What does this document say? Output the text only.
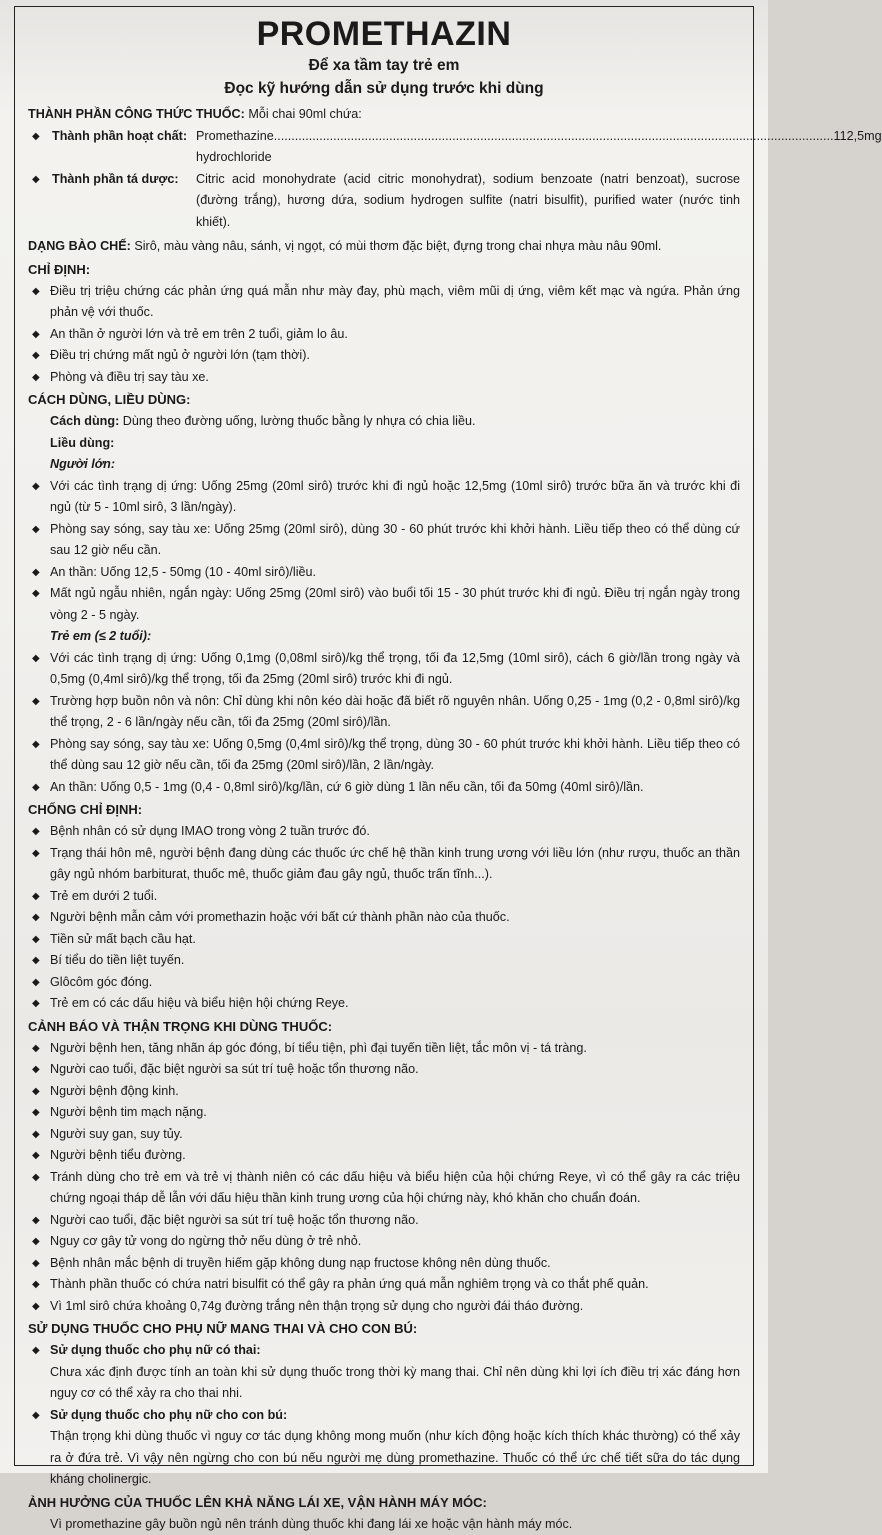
PROMETHAZIN
Để xa tầm tay trẻ em
Đọc kỹ hướng dẫn sử dụng trước khi dùng
THÀNH PHẦN CÔNG THỨC THUỐC: Mỗi chai 90ml chứa:
◆ Thành phần hoạt chất: Promethazine hydrochloride
.....
112,5mg
◆ Thành phần tá dược:	Citric acid monohydrate (acid citric monohydrat), sodium benzoate (natri benzoat), sucrose (đường trắng), hương dứa, sodium hydrogen sulfite (natri bisulfit), purified water (nước tinh khiết).
DẠNG BÀO CHẾ: Sirô, màu vàng nâu, sánh, vị ngọt, có mùi thơm đặc biệt, đựng trong chai nhựa màu nâu 90ml.
CHỈ ĐỊNH:
◆ Điều trị triệu chứng các phản ứng quá mẫn như mày đay, phù mạch, viêm mũi dị ứng, viêm kết mạc và ngứa. Phản ứng phản vệ với thuốc.
◆ An thần ở người lớn và trẻ em trên 2 tuổi, giảm lo âu.
◆ Điều trị chứng mất ngủ ở người lớn (tạm thời).
◆ Phòng và điều trị say tàu xe.
CÁCH DÙNG, LIỀU DÙNG:
Cách dùng: Dùng theo đường uống, lường thuốc bằng ly nhựa có chia liều.
Liều dùng:
Người lớn:
◆ Với các tình trạng dị ứng: Uống 25mg (20ml sirô) trước khi đi ngủ hoặc 12,5mg (10ml sirô) trước bữa ăn và trước khi đi ngủ (từ 5 - 10ml sirô, 3 lần/ngày).
◆ Phòng say sóng, say tàu xe: Uống 25mg (20ml sirô), dùng 30 - 60 phút trước khi khởi hành. Liều tiếp theo có thể dùng cứ sau 12 giờ nếu cần.
◆ An thần: Uống 12,5 - 50mg (10 - 40ml sirô)/liều.
◆ Mất ngủ ngẫu nhiên, ngắn ngày: Uống 25mg (20ml sirô) vào buổi tối 15 - 30 phút trước khi đi ngủ. Điều trị ngắn ngày trong vòng 2 - 5 ngày.
Trẻ em (≤ 2 tuổi):
◆ Với các tình trạng dị ứng: Uống 0,1mg (0,08ml sirô)/kg thể trọng, tối đa 12,5mg (10ml sirô), cách 6 giờ/lần trong ngày và 0,5mg (0,4ml sirô)/kg thể trọng, tối đa 25mg (20ml sirô) trước khi đi ngủ.
◆ Trường hợp buồn nôn và nôn: Chỉ dùng khi nôn kéo dài hoặc đã biết rõ nguyên nhân. Uống 0,25 - 1mg (0,2 - 0,8ml sirô)/kg thể trọng, 2 - 6 lần/ngày nếu cần, tối đa 25mg (20ml sirô)/lần.
◆ Phòng say sóng, say tàu xe: Uống 0,5mg (0,4ml sirô)/kg thể trọng, dùng 30 - 60 phút trước khi khởi hành. Liều tiếp theo có thể dùng sau 12 giờ nếu cần, tối đa 25mg (20ml sirô)/lần, 2 lần/ngày.
◆ An thần: Uống 0,5 - 1mg (0,4 - 0,8ml sirô)/kg/lần, cứ 6 giờ dùng 1 lần nếu cần, tối đa 50mg (40ml sirô)/lần.
CHỐNG CHỈ ĐỊNH:
◆ Bệnh nhân có sử dụng IMAO trong vòng 2 tuần trước đó.
◆ Trạng thái hôn mê, người bệnh đang dùng các thuốc ức chế hệ thần kinh trung ương với liều lớn (như rượu, thuốc an thần gây ngủ nhóm barbiturat, thuốc mê, thuốc giảm đau gây ngủ, thuốc trấn tĩnh...).
◆ Trẻ em dưới 2 tuổi.
◆ Người bệnh mẫn cảm với promethazin hoặc với bất cứ thành phần nào của thuốc.
◆ Tiền sử mất bạch cầu hạt.
◆ Bí tiểu do tiền liệt tuyến.
◆ Glôcôm góc đóng.
◆ Trẻ em có các dấu hiệu và biểu hiện hội chứng Reye.
CẢNH BÁO VÀ THẬN TRỌNG KHI DÙNG THUỐC:
◆ Người bệnh hen, tăng nhãn áp góc đóng, bí tiểu tiện, phì đại tuyến tiền liệt, tắc môn vị - tá tràng.
◆ Người cao tuổi, đặc biệt người sa sút trí tuệ hoặc tổn thương não.
◆ Người bệnh động kinh.
◆ Người bệnh tim mạch nặng.
◆ Người suy gan, suy tủy.
◆ Người bệnh tiểu đường.
◆ Tránh dùng cho trẻ em và trẻ vị thành niên có các dấu hiệu và biểu hiện của hội chứng Reye, vì có thể gây ra các triệu chứng ngoại tháp dễ lẫn với dấu hiệu thần kinh trung ương của hội chứng này, khó khăn cho chuẩn đoán.
◆ Người cao tuổi, đặc biệt người sa sút trí tuệ hoặc tổn thương não.
◆ Nguy cơ gây tử vong do ngừng thở nếu dùng ở trẻ nhỏ.
◆ Bệnh nhân mắc bệnh di truyền hiếm gặp không dung nạp fructose không nên dùng thuốc.
◆ Thành phần thuốc có chứa natri bisulfit có thể gây ra phản ứng quá mẫn nghiêm trọng và co thắt phế quản.
◆ Vì 1ml sirô chứa khoảng 0,74g đường trắng nên thận trọng sử dụng cho người đái tháo đường.
SỬ DỤNG THUỐC CHO PHỤ NỮ MANG THAI VÀ CHO CON BÚ:
◆ Sử dụng thuốc cho phụ nữ có thai:
Chưa xác định được tính an toàn khi sử dụng thuốc trong thời kỳ mang thai. Chỉ nên dùng khi lợi ích điều trị xác đáng hơn nguy cơ có thể xảy ra cho thai nhi.
◆ Sử dụng thuốc cho phụ nữ cho con bú:
Thận trọng khi dùng thuốc vì nguy cơ tác dụng không mong muốn (như kích động hoặc kích thích khác thường) có thể xảy ra ở đứa trẻ. Vì vậy nên ngừng cho con bú nếu người mẹ dùng promethazine. Thuốc có thể ức chế tiết sữa do tác dụng kháng cholinergic.
ẢNH HƯỞNG CỦA THUỐC LÊN KHẢ NĂNG LÁI XE, VẬN HÀNH MÁY MÓC:
Vì promethazine gây buồn ngủ nên tránh dùng thuốc khi đang lái xe hoặc vận hành máy móc.
